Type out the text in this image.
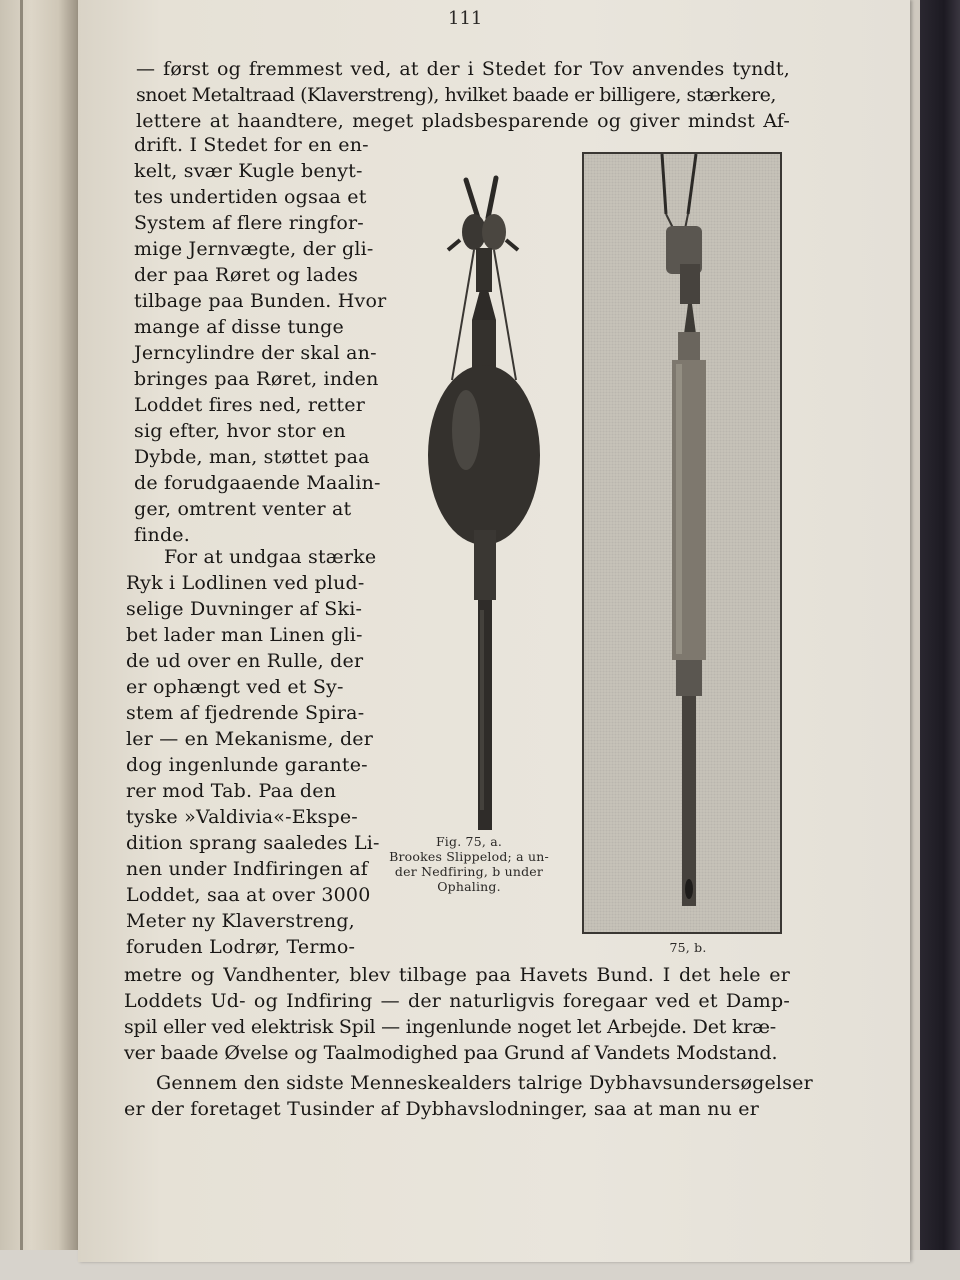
111
— først og fremmest ved, at der i Stedet for Tov anvendes tyndt,
snoet Metaltraad (Klaverstreng), hvilket baade er billigere, stærkere,
lettere at haandtere, meget pladsbesparende og giver mindst Af-
drift. I Stedet for en en-
kelt, svær Kugle benyt-
tes undertiden ogsaa et
System af flere ringfor-
mige Jernvægte, der gli-
der paa Røret og lades
tilbage paa Bunden. Hvor
mange af disse tunge
Jerncylindre der skal an-
bringes paa Røret, inden
Loddet fires ned, retter
sig efter, hvor stor en
Dybde, man, støttet paa
de forudgaaende Maalin-
ger, omtrent venter at
finde.
For at undgaa stærke
Ryk i Lodlinen ved plud-
selige Duvninger af Ski-
bet lader man Linen gli-
de ud over en Rulle, der
er ophængt ved et Sy-
stem af fjedrende Spira-
ler — en Mekanisme, der
dog ingenlunde garante-
rer mod Tab. Paa den
tyske »Valdivia«-Ekspe-
dition sprang saaledes Li-
nen under Indfiringen af
Loddet, saa at over 3000
Meter ny Klaverstreng,
foruden Lodrør, Termo-
metre og Vandhenter, blev tilbage paa Havets Bund. I det hele er
Loddets Ud- og Indfiring — der naturligvis foregaar ved et Damp-
spil eller ved elektrisk Spil — ingenlunde noget let Arbejde. Det kræ-
ver baade Øvelse og Taalmodighed paa Grund af Vandets Modstand.
Gennem den sidste Menneskealders talrige Dybhavsundersøgelser
er der foretaget Tusinder af Dybhavslodninger, saa at man nu er
Fig. 75, a.
Brookes Slippelod; a un-
der Nedfiring, b under
Ophaling.
75, b.
